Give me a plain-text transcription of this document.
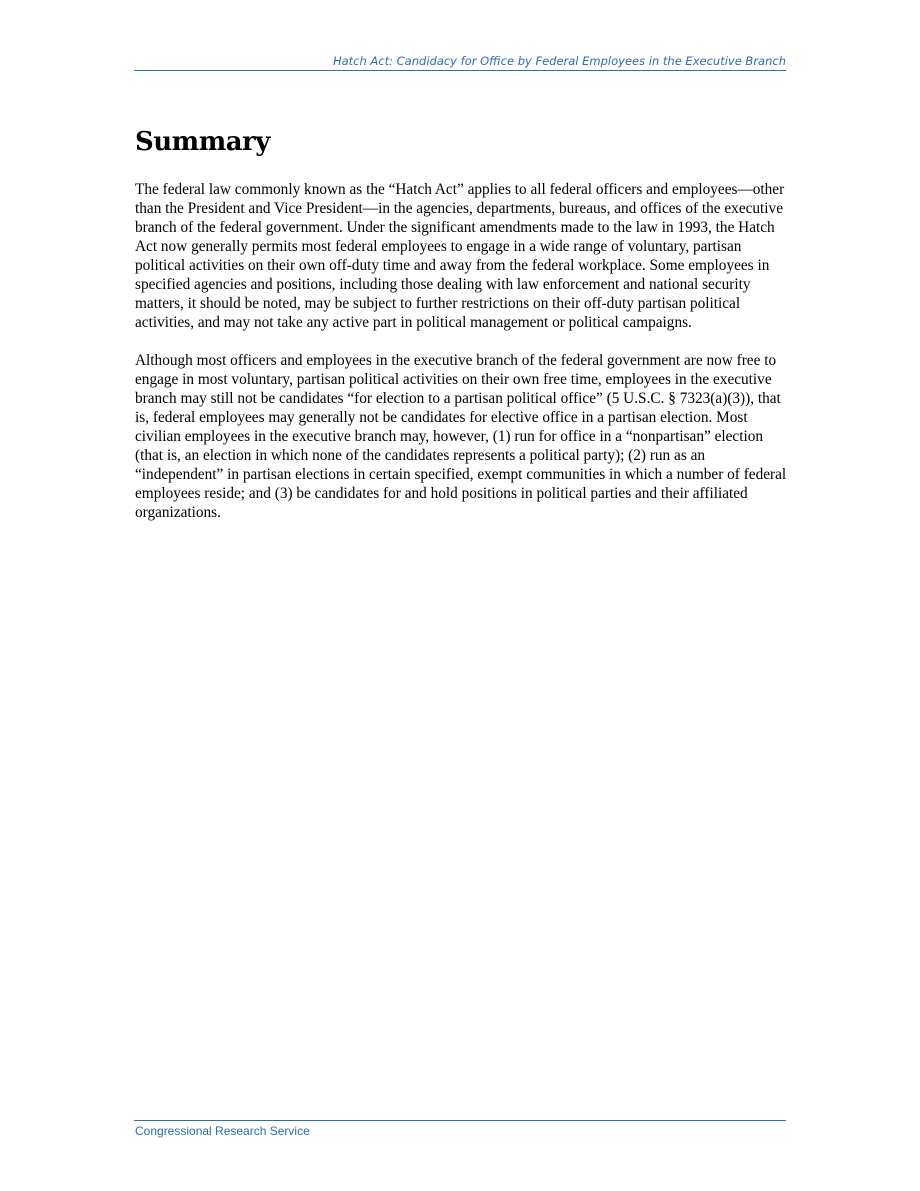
Hatch Act: Candidacy for Office by Federal Employees in the Executive Branch
Summary

The federal law commonly known as the “Hatch Act” applies to all federal officers and employees—other than the President and Vice President—in the agencies, departments, bureaus, and offices of the executive branch of the federal government. Under the significant amendments made to the law in 1993, the Hatch Act now generally permits most federal employees to engage in a wide range of voluntary, partisan political activities on their own off-duty time and away from the federal workplace. Some employees in specified agencies and positions, including those dealing with law enforcement and national security matters, it should be noted, may be subject to further restrictions on their off-duty partisan political activities, and may not take any active part in political management or political campaigns.

Although most officers and employees in the executive branch of the federal government are now free to engage in most voluntary, partisan political activities on their own free time, employees in the executive branch may still not be candidates “for election to a partisan political office” (5 U.S.C. § 7323(a)(3)), that is, federal employees may generally not be candidates for elective office in a partisan election. Most civilian employees in the executive branch may, however, (1) run for office in a “nonpartisan” election (that is, an election in which none of the candidates represents a political party); (2) run as an “independent” in partisan elections in certain specified, exempt communities in which a number of federal employees reside; and (3) be candidates for and hold positions in political parties and their affiliated organizations.

Congressional Research Service
